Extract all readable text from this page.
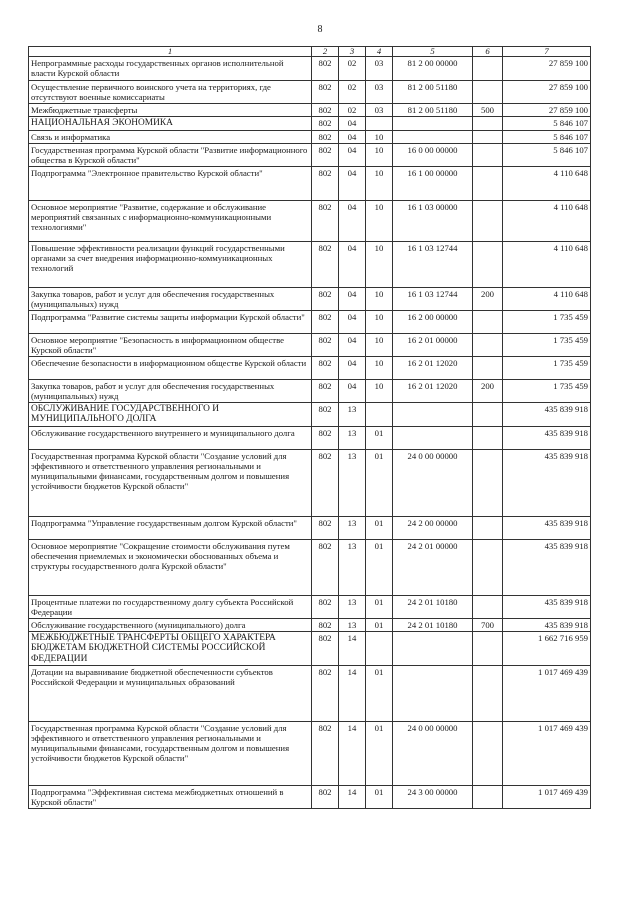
8
1	2	3	4	5	6	7
Непрограммные расходы государственных органов исполнительной власти Курской области	802	02	03	81 2 00 00000		27 859 100
Осуществление первичного воинского учета на территориях, где отсутствуют военные комиссариаты	802	02	03	81 2 00 51180		27 859 100
Межбюджетные трансферты	802	02	03	81 2 00 51180	500	27 859 100
НАЦИОНАЛЬНАЯ ЭКОНОМИКА	802	04				5 846 107
Связь и информатика	802	04	10			5 846 107
Государственная программа Курской области "Развитие информационного общества в Курской области"	802	04	10	16 0 00 00000		5 846 107
Подпрограмма "Электронное правительство Курской области"	802	04	10	16 1 00 00000		4 110 648
Основное мероприятие "Развитие, содержание и обслуживание мероприятий связанных с информационно-коммуникационными технологиями"	802	04	10	16 1 03 00000		4 110 648
Повышение эффективности реализации функций государственными органами за счет внедрения информационно-коммуникационных технологий	802	04	10	16 1 03 12744		4 110 648
Закупка товаров, работ и услуг для обеспечения государственных (муниципальных) нужд	802	04	10	16 1 03 12744	200	4 110 648
Подпрограмма "Развитие системы защиты информации Курской области"	802	04	10	16 2 00 00000		1 735 459
Основное мероприятие "Безопасность в информационном обществе Курской области"	802	04	10	16 2 01 00000		1 735 459
Обеспечение безопасности в информационном обществе Курской области	802	04	10	16 2 01 12020		1 735 459
Закупка товаров, работ и услуг для обеспечения государственных (муниципальных) нужд	802	04	10	16 2 01 12020	200	1 735 459
ОБСЛУЖИВАНИЕ ГОСУДАРСТВЕННОГО И МУНИЦИПАЛЬНОГО ДОЛГА	802	13				435 839 918
Обслуживание государственного внутреннего и муниципального долга	802	13	01			435 839 918
Государственная программа Курской области "Создание условий для эффективного и ответственного управления региональными и муниципальными финансами, государственным долгом и повышения устойчивости бюджетов Курской области"	802	13	01	24 0 00 00000		435 839 918
Подпрограмма "Управление государственным долгом Курской области"	802	13	01	24 2 00 00000		435 839 918
Основное мероприятие "Сокращение стоимости обслуживания путем обеспечения приемлемых и экономически обоснованных объема и структуры государственного долга Курской области"	802	13	01	24 2 01 00000		435 839 918
Процентные платежи по государственному долгу субъекта Российской Федерации	802	13	01	24 2 01 10180		435 839 918
Обслуживание государственного (муниципального) долга	802	13	01	24 2 01 10180	700	435 839 918
МЕЖБЮДЖЕТНЫЕ ТРАНСФЕРТЫ ОБЩЕГО ХАРАКТЕРА БЮДЖЕТАМ БЮДЖЕТНОЙ СИСТЕМЫ РОССИЙСКОЙ ФЕДЕРАЦИИ	802	14				1 662 716 959
Дотации на выравнивание бюджетной обеспеченности субъектов Российской Федерации и муниципальных образований	802	14	01			1 017 469 439
Государственная программа Курской области "Создание условий для эффективного и ответственного управления региональными и муниципальными финансами, государственным долгом и повышения устойчивости бюджетов Курской области"	802	14	01	24 0 00 00000		1 017 469 439
Подпрограмма "Эффективная система межбюджетных отношений в Курской области"	802	14	01	24 3 00 00000		1 017 469 439
